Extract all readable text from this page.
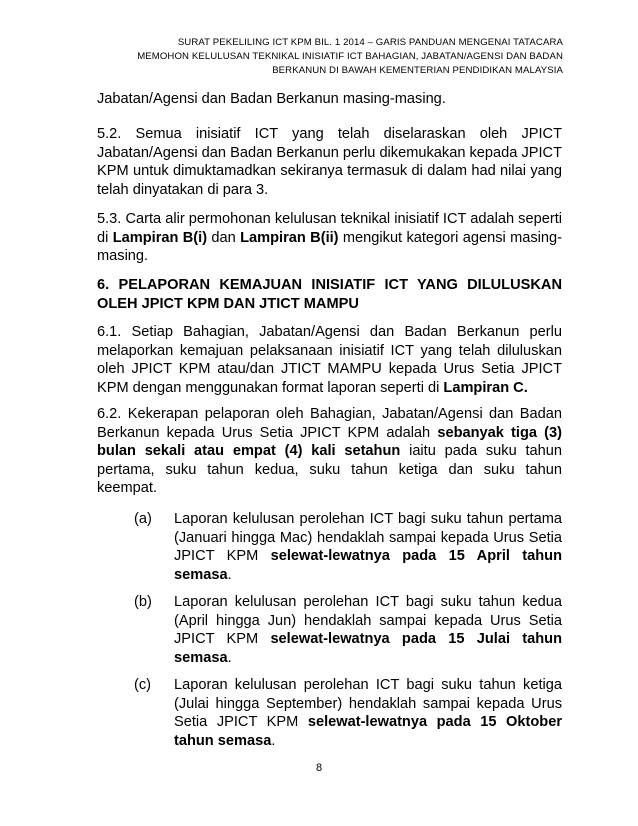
SURAT PEKELILING ICT KPM BIL. 1 2014 – GARIS PANDUAN MENGENAI TATACARA
MEMOHON KELULUSAN TEKNIKAL INISIATIF ICT BAHAGIAN, JABATAN/AGENSI DAN BADAN
BERKANUN DI BAWAH KEMENTERIAN PENDIDIKAN MALAYSIA
Jabatan/Agensi dan Badan Berkanun masing-masing.
5.2. Semua inisiatif ICT yang telah diselaraskan oleh JPICT Jabatan/Agensi dan Badan Berkanun perlu dikemukakan kepada JPICT KPM untuk dimuktamadkan sekiranya termasuk di dalam had nilai yang telah dinyatakan di para 3.
5.3. Carta alir permohonan kelulusan teknikal inisiatif ICT adalah seperti di Lampiran B(i) dan Lampiran B(ii) mengikut kategori agensi masing-masing.
6. PELAPORAN KEMAJUAN INISIATIF ICT YANG DILULUSKAN OLEH JPICT KPM DAN JTICT MAMPU
6.1. Setiap Bahagian, Jabatan/Agensi dan Badan Berkanun perlu melaporkan kemajuan pelaksanaan inisiatif ICT yang telah diluluskan oleh JPICT KPM atau/dan JTICT MAMPU kepada Urus Setia JPICT KPM dengan menggunakan format laporan seperti di Lampiran C.
6.2. Kekerapan pelaporan oleh Bahagian, Jabatan/Agensi dan Badan Berkanun kepada Urus Setia JPICT KPM adalah sebanyak tiga (3) bulan sekali atau empat (4) kali setahun iaitu pada suku tahun pertama, suku tahun kedua, suku tahun ketiga dan suku tahun keempat.
(a) Laporan kelulusan perolehan ICT bagi suku tahun pertama (Januari hingga Mac) hendaklah sampai kepada Urus Setia JPICT KPM selewat-lewatnya pada 15 April tahun semasa.
(b) Laporan kelulusan perolehan ICT bagi suku tahun kedua (April hingga Jun) hendaklah sampai kepada Urus Setia JPICT KPM selewat-lewatnya pada 15 Julai tahun semasa.
(c) Laporan kelulusan perolehan ICT bagi suku tahun ketiga (Julai hingga September) hendaklah sampai kepada Urus Setia JPICT KPM selewat-lewatnya pada 15 Oktober tahun semasa.
8
